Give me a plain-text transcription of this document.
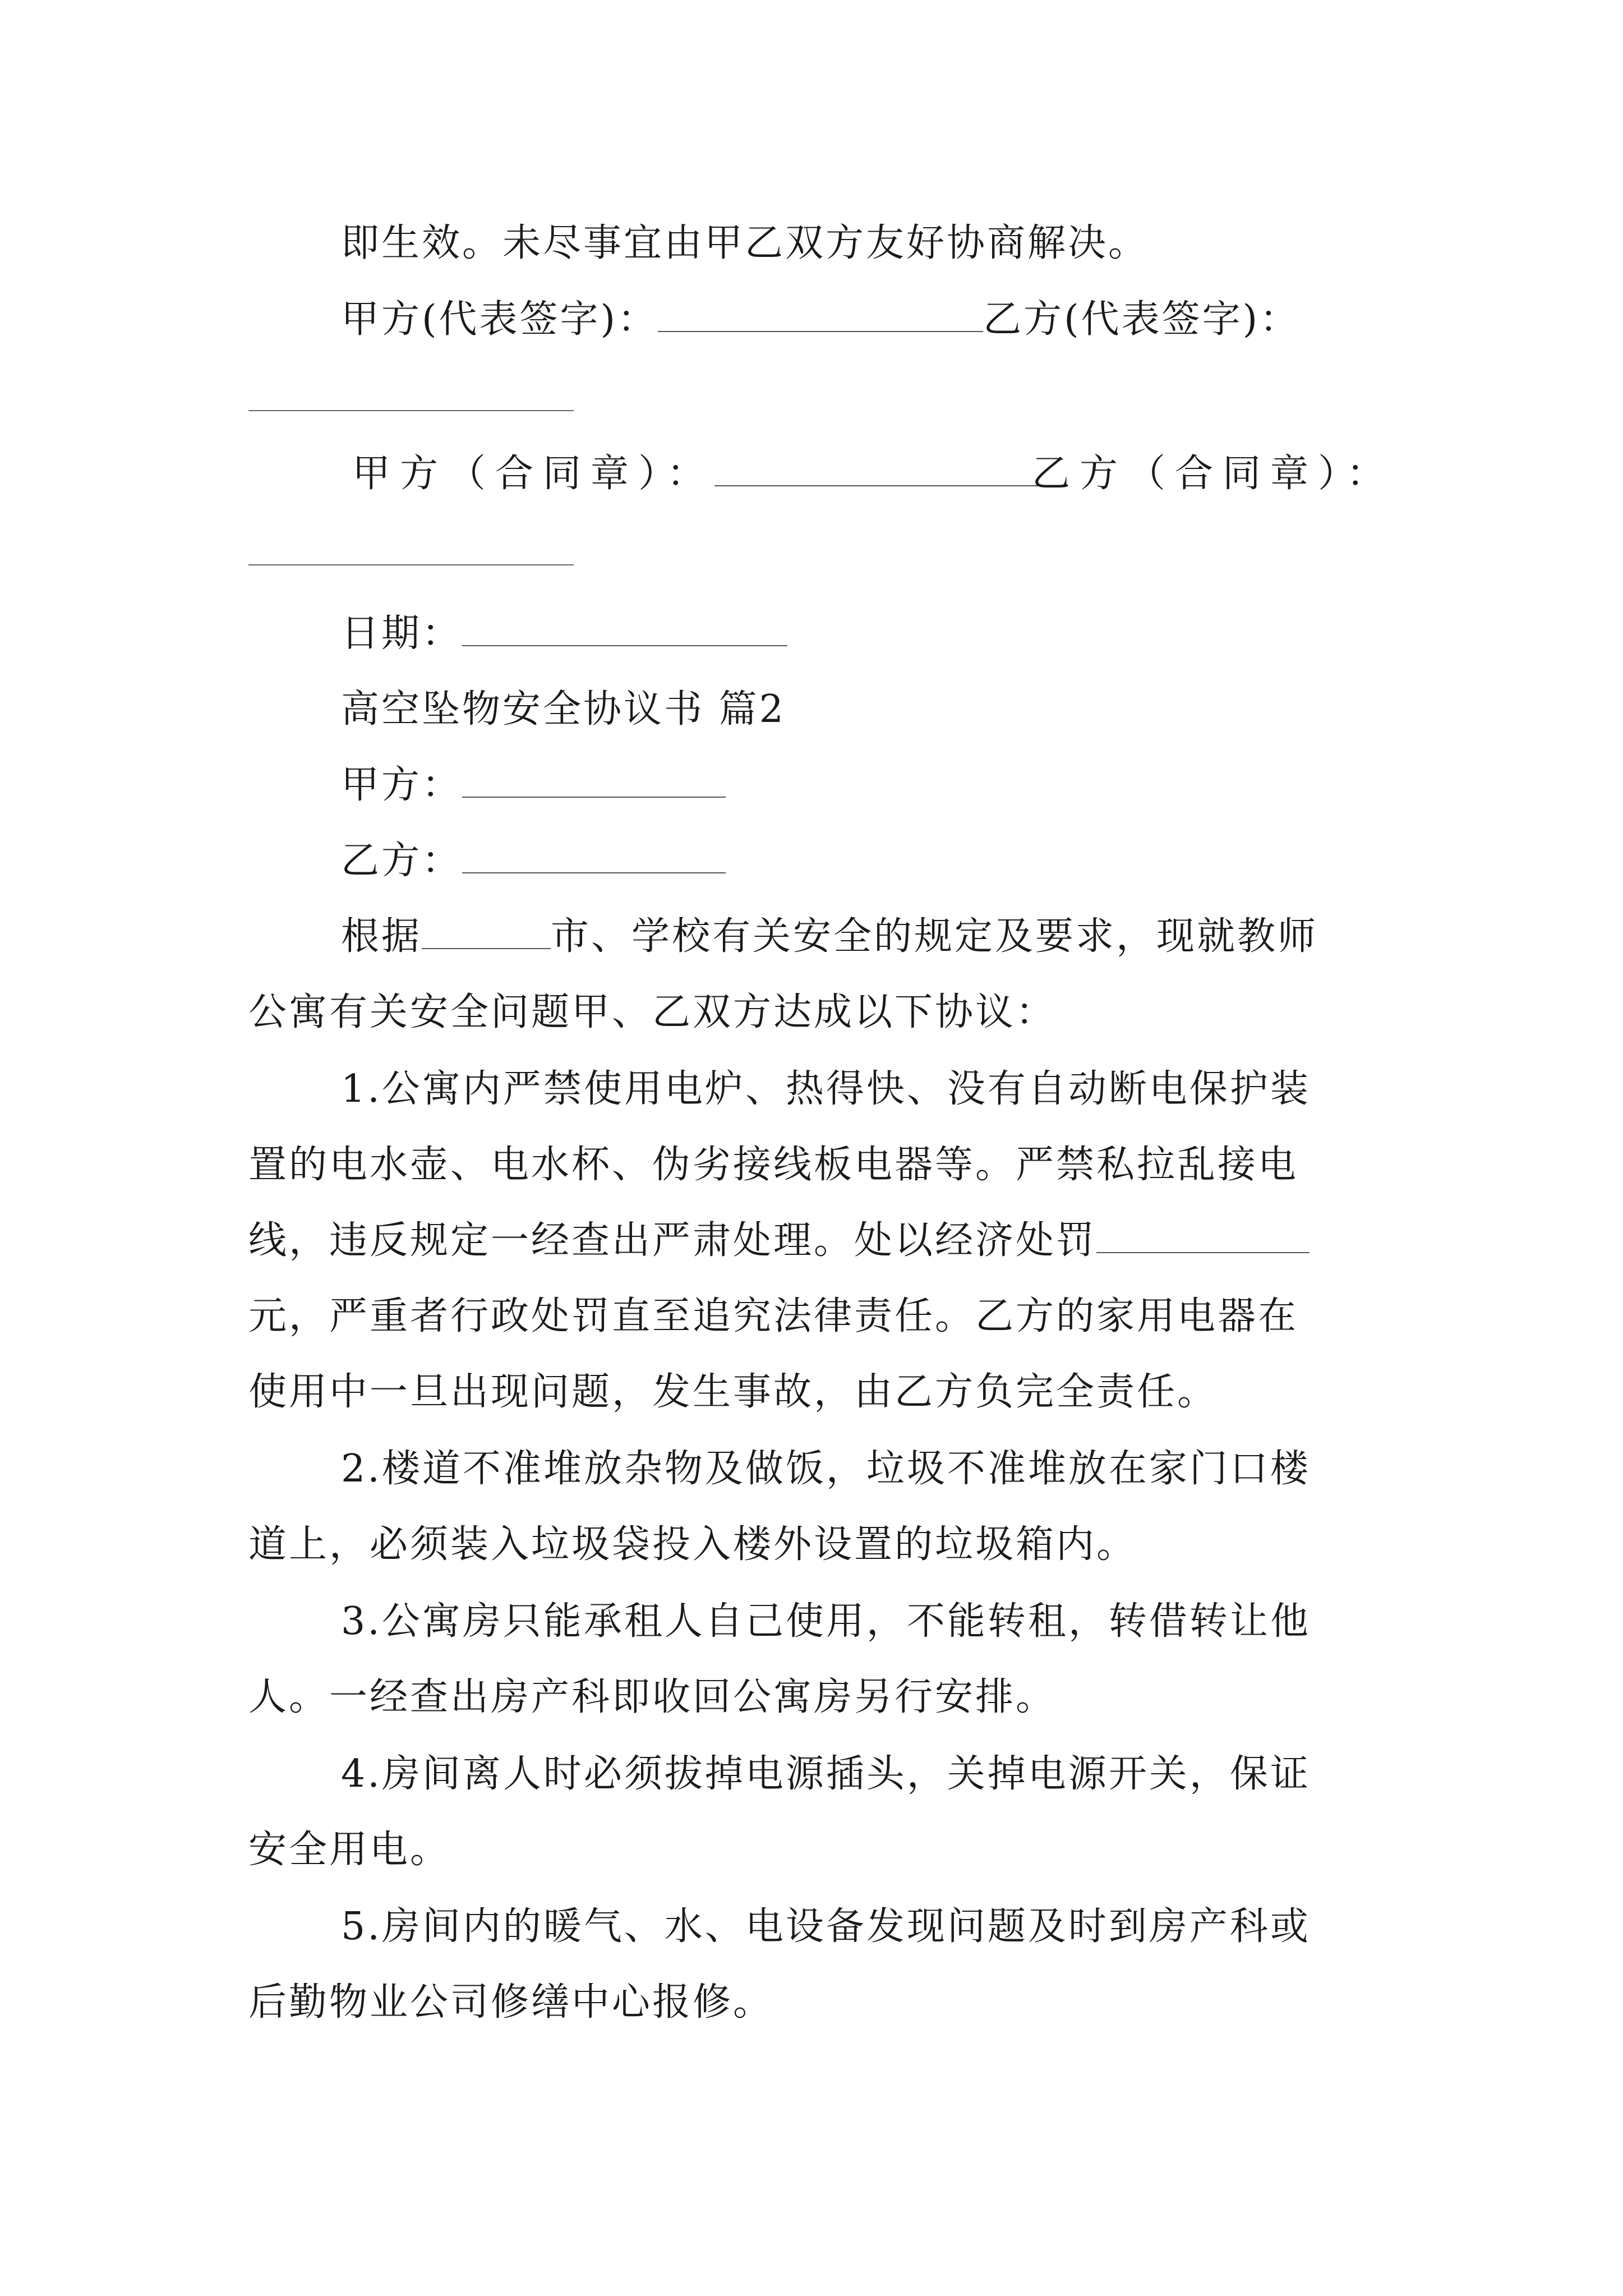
即生效。未尽事宜由甲乙双方友好协商解决。
甲方(代表签字)：	乙方(代表签字)：
甲方（合同章）：	乙方（合同章）：
日期：
高空坠物安全协议书 篇2
甲方：
乙方：
根据	市、学校有关安全的规定及要求，现就教师
公寓有关安全问题甲、乙双方达成以下协议：
1.公寓内严禁使用电炉、热得快、没有自动断电保护装
置的电水壶、电水杯、伪劣接线板电器等。严禁私拉乱接电
线，违反规定一经查出严肃处理。处以经济处罚
元，严重者行政处罚直至追究法律责任。乙方的家用电器在
使用中一旦出现问题，发生事故，由乙方负完全责任。
2.楼道不准堆放杂物及做饭，垃圾不准堆放在家门口楼
道上，必须装入垃圾袋投入楼外设置的垃圾箱内。
3.公寓房只能承租人自己使用，不能转租，转借转让他
人。一经查出房产科即收回公寓房另行安排。
4.房间离人时必须拔掉电源插头，关掉电源开关，保证
安全用电。
5.房间内的暖气、水、电设备发现问题及时到房产科或
后勤物业公司修缮中心报修。
